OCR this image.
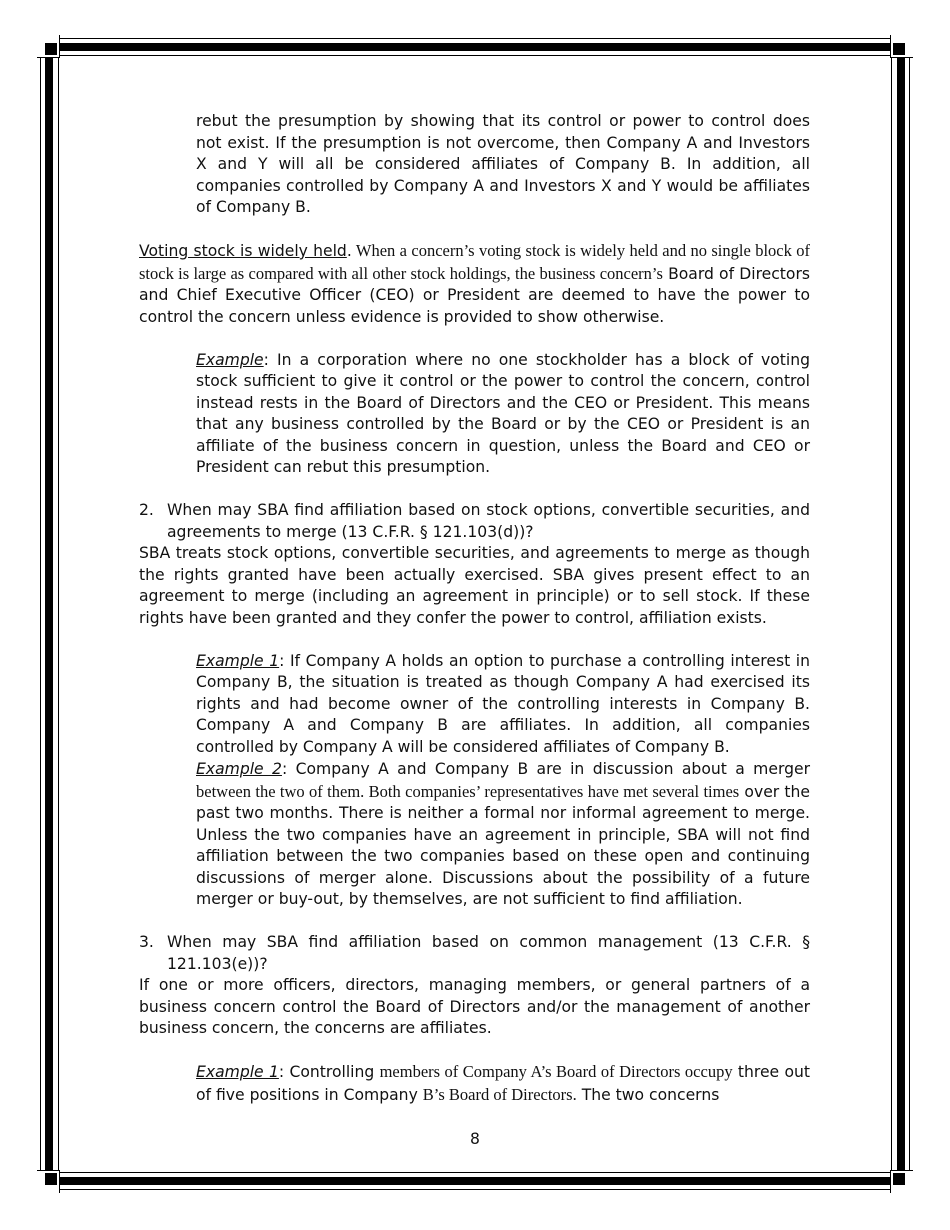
rebut the presumption by showing that its control or power to control does not exist. If the presumption is not overcome, then Company A and Investors X and Y will all be considered affiliates of Company B. In addition, all companies controlled by Company A and Investors X and Y would be affiliates of Company B.

Voting stock is widely held. When a concern’s voting stock is widely held and no single block of stock is large as compared with all other stock holdings, the business concern’s Board of Directors and Chief Executive Officer (CEO) or President are deemed to have the power to control the concern unless evidence is provided to show otherwise.

Example: In a corporation where no one stockholder has a block of voting stock sufficient to give it control or the power to control the concern, control instead rests in the Board of Directors and the CEO or President. This means that any business controlled by the Board or by the CEO or President is an affiliate of the business concern in question, unless the Board and CEO or President can rebut this presumption.

2. When may SBA find affiliation based on stock options, convertible securities, and agreements to merge (13 C.F.R. § 121.103(d))?

SBA treats stock options, convertible securities, and agreements to merge as though the rights granted have been actually exercised. SBA gives present effect to an agreement to merge (including an agreement in principle) or to sell stock. If these rights have been granted and they confer the power to control, affiliation exists.

Example 1: If Company A holds an option to purchase a controlling interest in Company B, the situation is treated as though Company A had exercised its rights and had become owner of the controlling interests in Company B. Company A and Company B are affiliates. In addition, all companies controlled by Company A will be considered affiliates of Company B.

Example 2: Company A and Company B are in discussion about a merger between the two of them. Both companies’ representatives have met several times over the past two months. There is neither a formal nor informal agreement to merge. Unless the two companies have an agreement in principle, SBA will not find affiliation between the two companies based on these open and continuing discussions of merger alone. Discussions about the possibility of a future merger or buy-out, by themselves, are not sufficient to find affiliation.

3. When may SBA find affiliation based on common management (13 C.F.R. § 121.103(e))?

If one or more officers, directors, managing members, or general partners of a business concern control the Board of Directors and/or the management of another business concern, the concerns are affiliates.

Example 1: Controlling members of Company A’s Board of Directors occupy three out of five positions in Company B’s Board of Directors. The two concerns

8
